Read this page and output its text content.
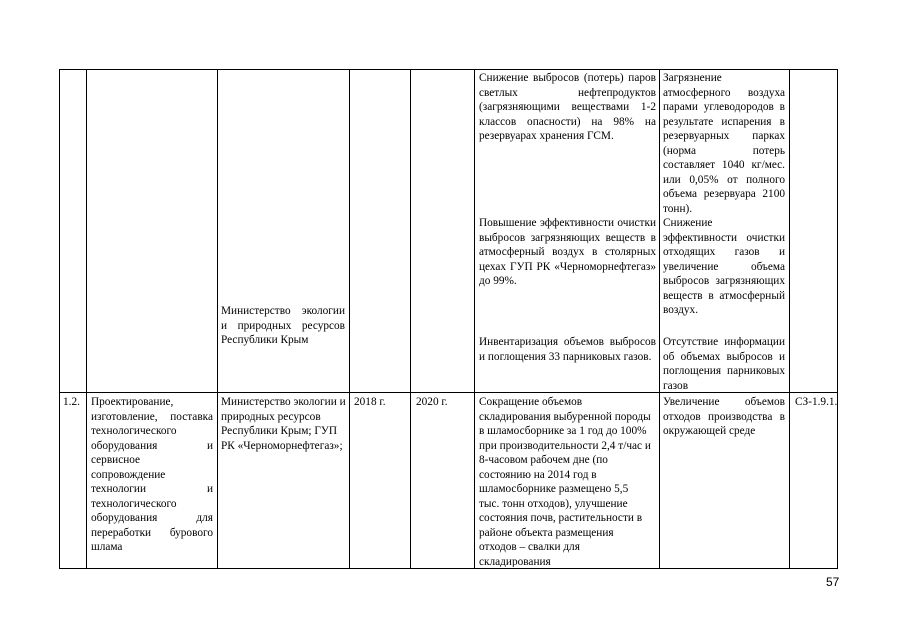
Министерство экологии и природных ресурсов Республики Крым
Снижение выбросов (потерь) паров светлых нефтепродуктов (загрязняющими веществами 1-2 классов опасности) на 98% на резервуарах хранения ГСМ.
Загрязнение атмосферного воздуха парами углеводородов в результате испарения в резервуарных парках (норма потерь составляет 1040 кг/мес. или 0,05% от полного объема резервуара 2100 тонн).
Повышение эффективности очистки выбросов загрязняющих веществ в атмосферный воздух в столярных цехах ГУП РК «Черноморнефтегаз» до 99%.
Снижение эффективности очистки отходящих газов и увеличение объема выбросов загрязняющих веществ в атмосферный воздух.
Инвентаризация объемов выбросов и поглощения 33 парниковых газов.
Отсутствие информации об объемах выбросов и поглощения парниковых газов
1.2. Проектирование, изготовление, поставка технологического оборудования и сервисное сопровождение технологии и технологического оборудования для переработки бурового шлама
Министерство экологии и природных ресурсов Республики Крым; ГУП РК «Черноморнефтегаз»;
2018 г.	2020 г.	Сокращение объемов складирования выбуренной породы в шламосборнике за 1 год до 100% при производительности 2,4 т/час и 8-часовом рабочем дне (по состоянию на 2014 год в шламосборнике размещено 5,5 тыс. тонн отходов), улучшение состояния почв, растительности в районе объекта размещения отходов – свалки для складирования
Увеличение объемов отходов производства в окружающей среде
СЗ-1.9.1.
57
